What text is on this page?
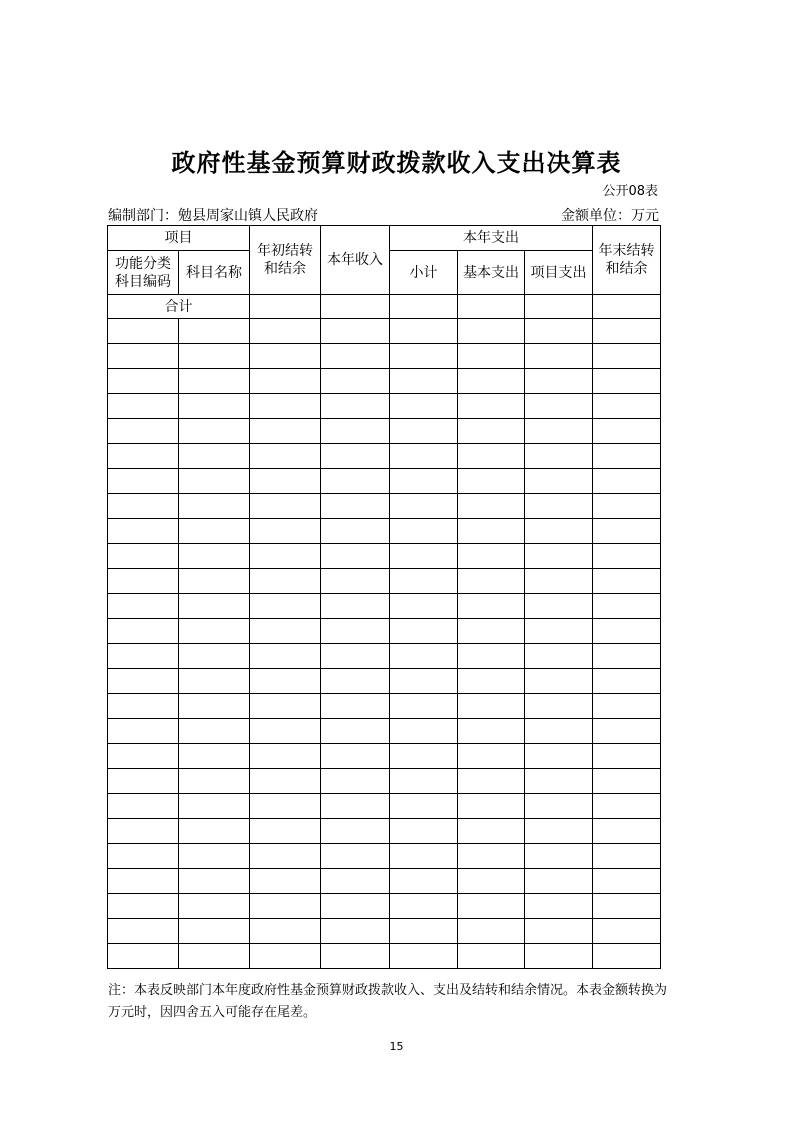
政府性基金预算财政拨款收入支出决算表
公开08表
编制部门：勉县周家山镇人民政府	金额单位：万元
项目		年初结转和结余	本年收入	本年支出			年末结转和结余

功能分类科目编码	科目名称			小计	基本支出	项目支出	
合计							

注：本表反映部门本年度政府性基金预算财政拨款收入、支出及结转和结余情况。本表金额转换为万元时，因四舍五入可能存在尾差。
15
